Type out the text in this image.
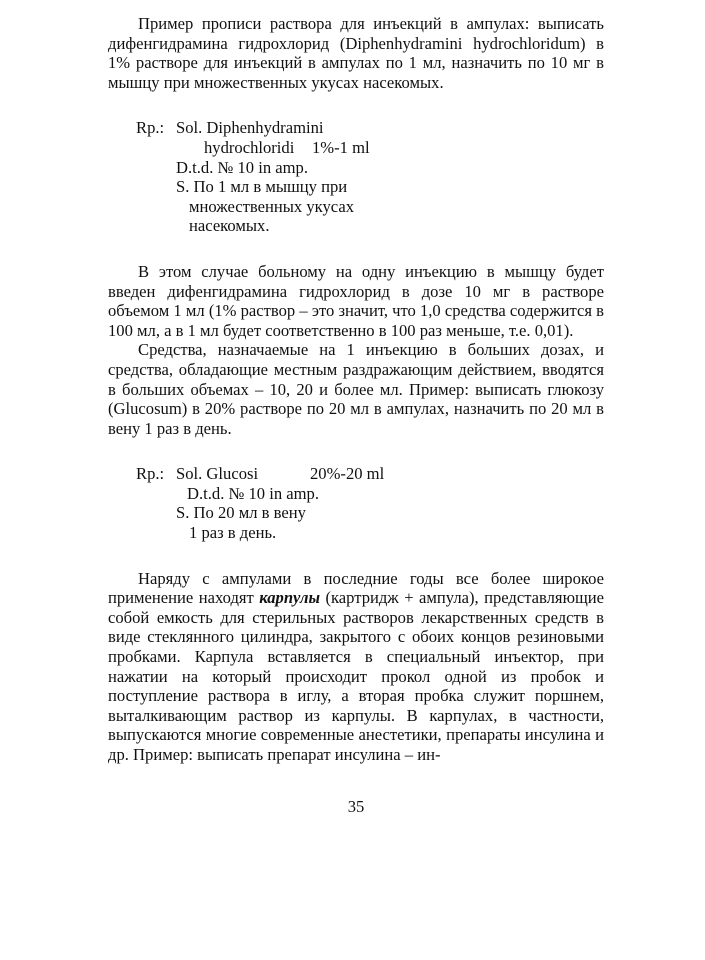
Пример прописи раствора для инъекций в ампулах: выписать дифенгидрамина гидрохлорид (Diphenhydramini hydrochloridum) в 1% растворе для инъекций в ампулах по 1 мл, назначить по 10 мг в мышцу при множественных укусах насекомых.

Rp.: Sol. Diphenhydramini
hydrochloridi 1%-1 ml
D.t.d. № 10 in amp.
S. По 1 мл в мышцу при
множественных укусах
насекомых.

В этом случае больному на одну инъекцию в мышцу будет введен дифенгидрамина гидрохлорид в дозе 10 мг в растворе объемом 1 мл (1% раствор – это значит, что 1,0 средства содержится в 100 мл, а в 1 мл будет соответственно в 100 раз меньше, т.е. 0,01).

Средства, назначаемые на 1 инъекцию в больших дозах, и средства, обладающие местным раздражающим действием, вводятся в больших объемах – 10, 20 и более мл. Пример: выписать глюкозу (Glucosum) в 20% растворе по 20 мл в ампулах, назначить по 20 мл в вену 1 раз в день.

Rp.: Sol. Glucosi	20%-20 ml
D.t.d. № 10 in amp.
S. По 20 мл в вену
1 раз в день.

Наряду с ампулами в последние годы все более широкое применение находят карпулы (картридж + ампула), представляющие собой емкость для стерильных растворов лекарственных средств в виде стеклянного цилиндра, закрытого с обоих концов резиновыми пробками. Карпула вставляется в специальный инъектор, при нажатии на который происходит прокол одной из пробок и поступление раствора в иглу, а вторая пробка служит поршнем, выталкивающим раствор из карпулы. В карпулах, в частности, выпускаются многие современные анестетики, препараты инсулина и др. Пример: выписать препарат инсулина – ин-

35
